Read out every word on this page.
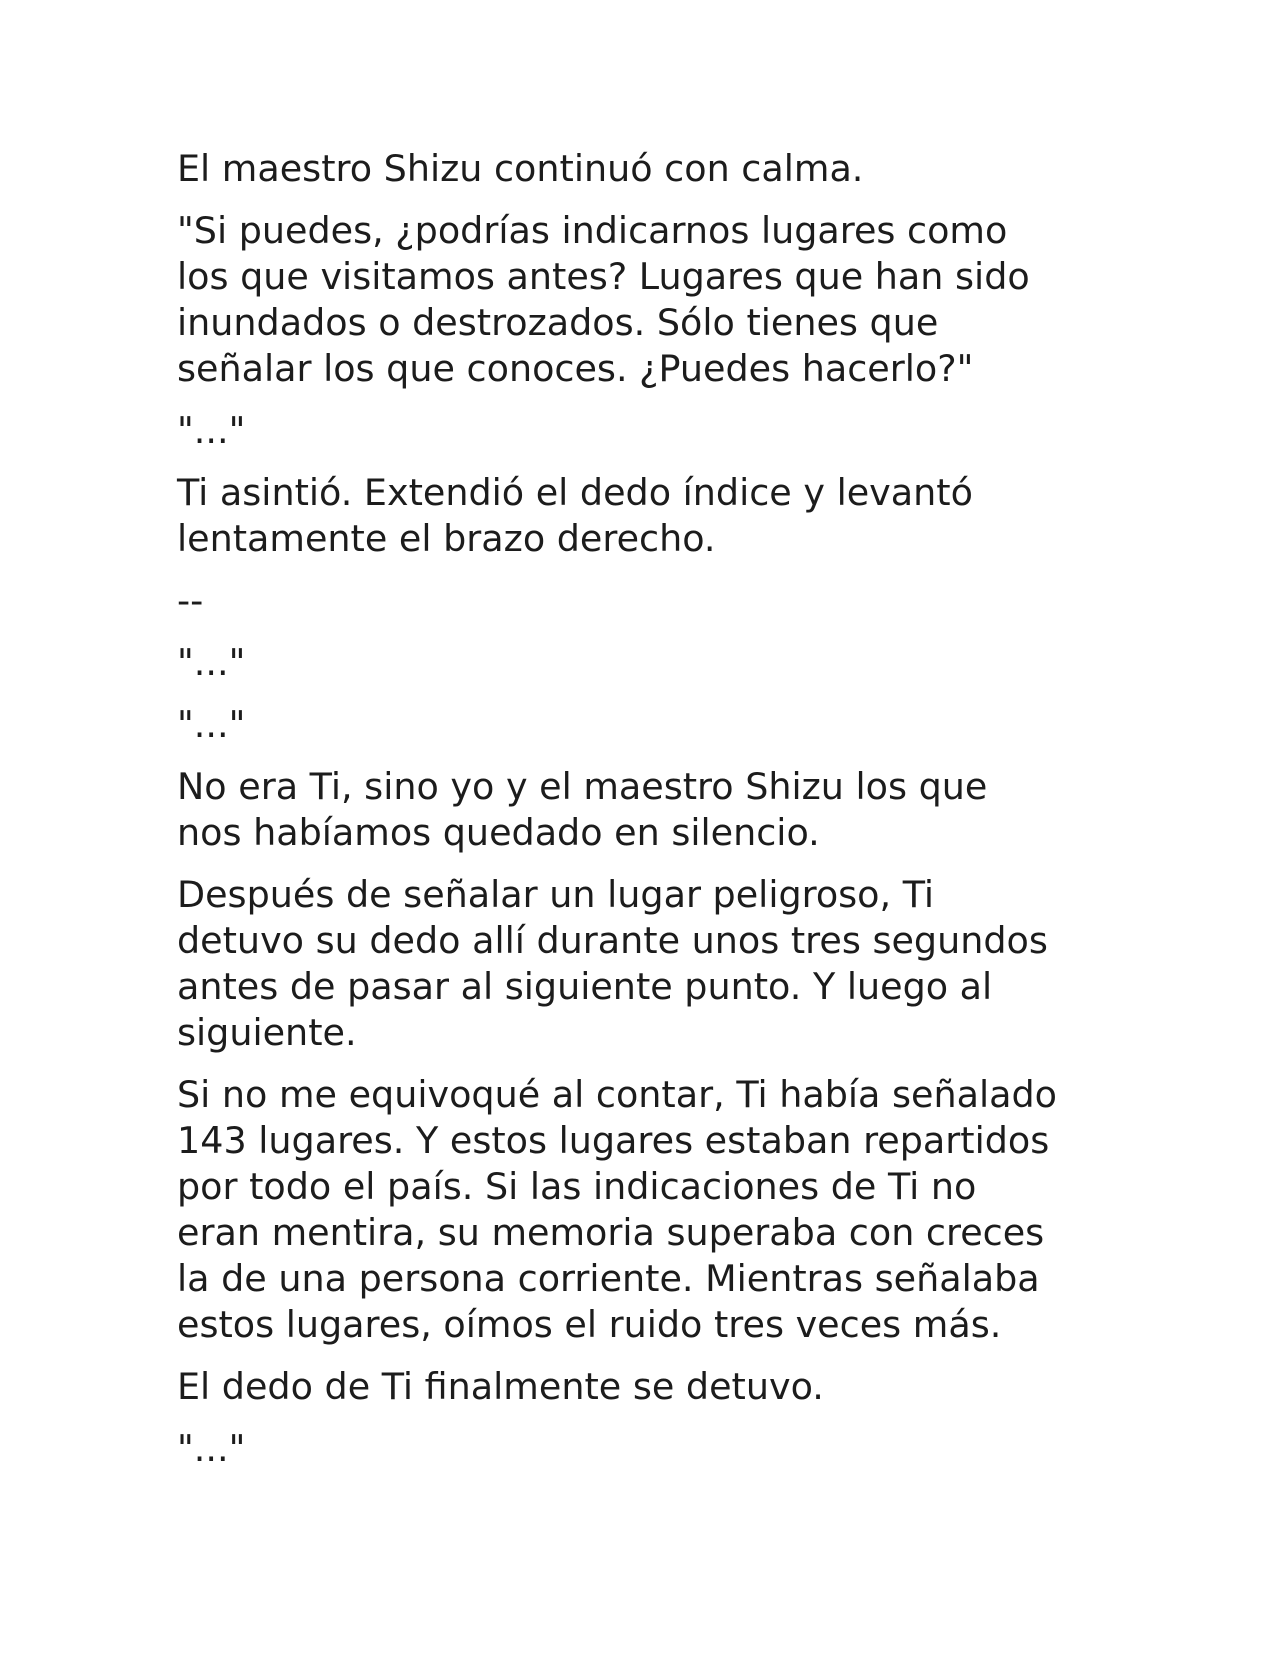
El maestro Shizu continuó con calma.

"Si puedes, ¿podrías indicarnos lugares como
los que visitamos antes? Lugares que han sido
inundados o destrozados. Sólo tienes que
señalar los que conoces. ¿Puedes hacerlo?"

"..."

Ti asintió. Extendió el dedo índice y levantó
lentamente el brazo derecho.

--

"..."

"..."

No era Ti, sino yo y el maestro Shizu los que
nos habíamos quedado en silencio.

Después de señalar un lugar peligroso, Ti
detuvo su dedo allí durante unos tres segundos
antes de pasar al siguiente punto. Y luego al
siguiente.

Si no me equivoqué al contar, Ti había señalado
143 lugares. Y estos lugares estaban repartidos
por todo el país. Si las indicaciones de Ti no
eran mentira, su memoria superaba con creces
la de una persona corriente. Mientras señalaba
estos lugares, oímos el ruido tres veces más.

El dedo de Ti finalmente se detuvo.

"..."
